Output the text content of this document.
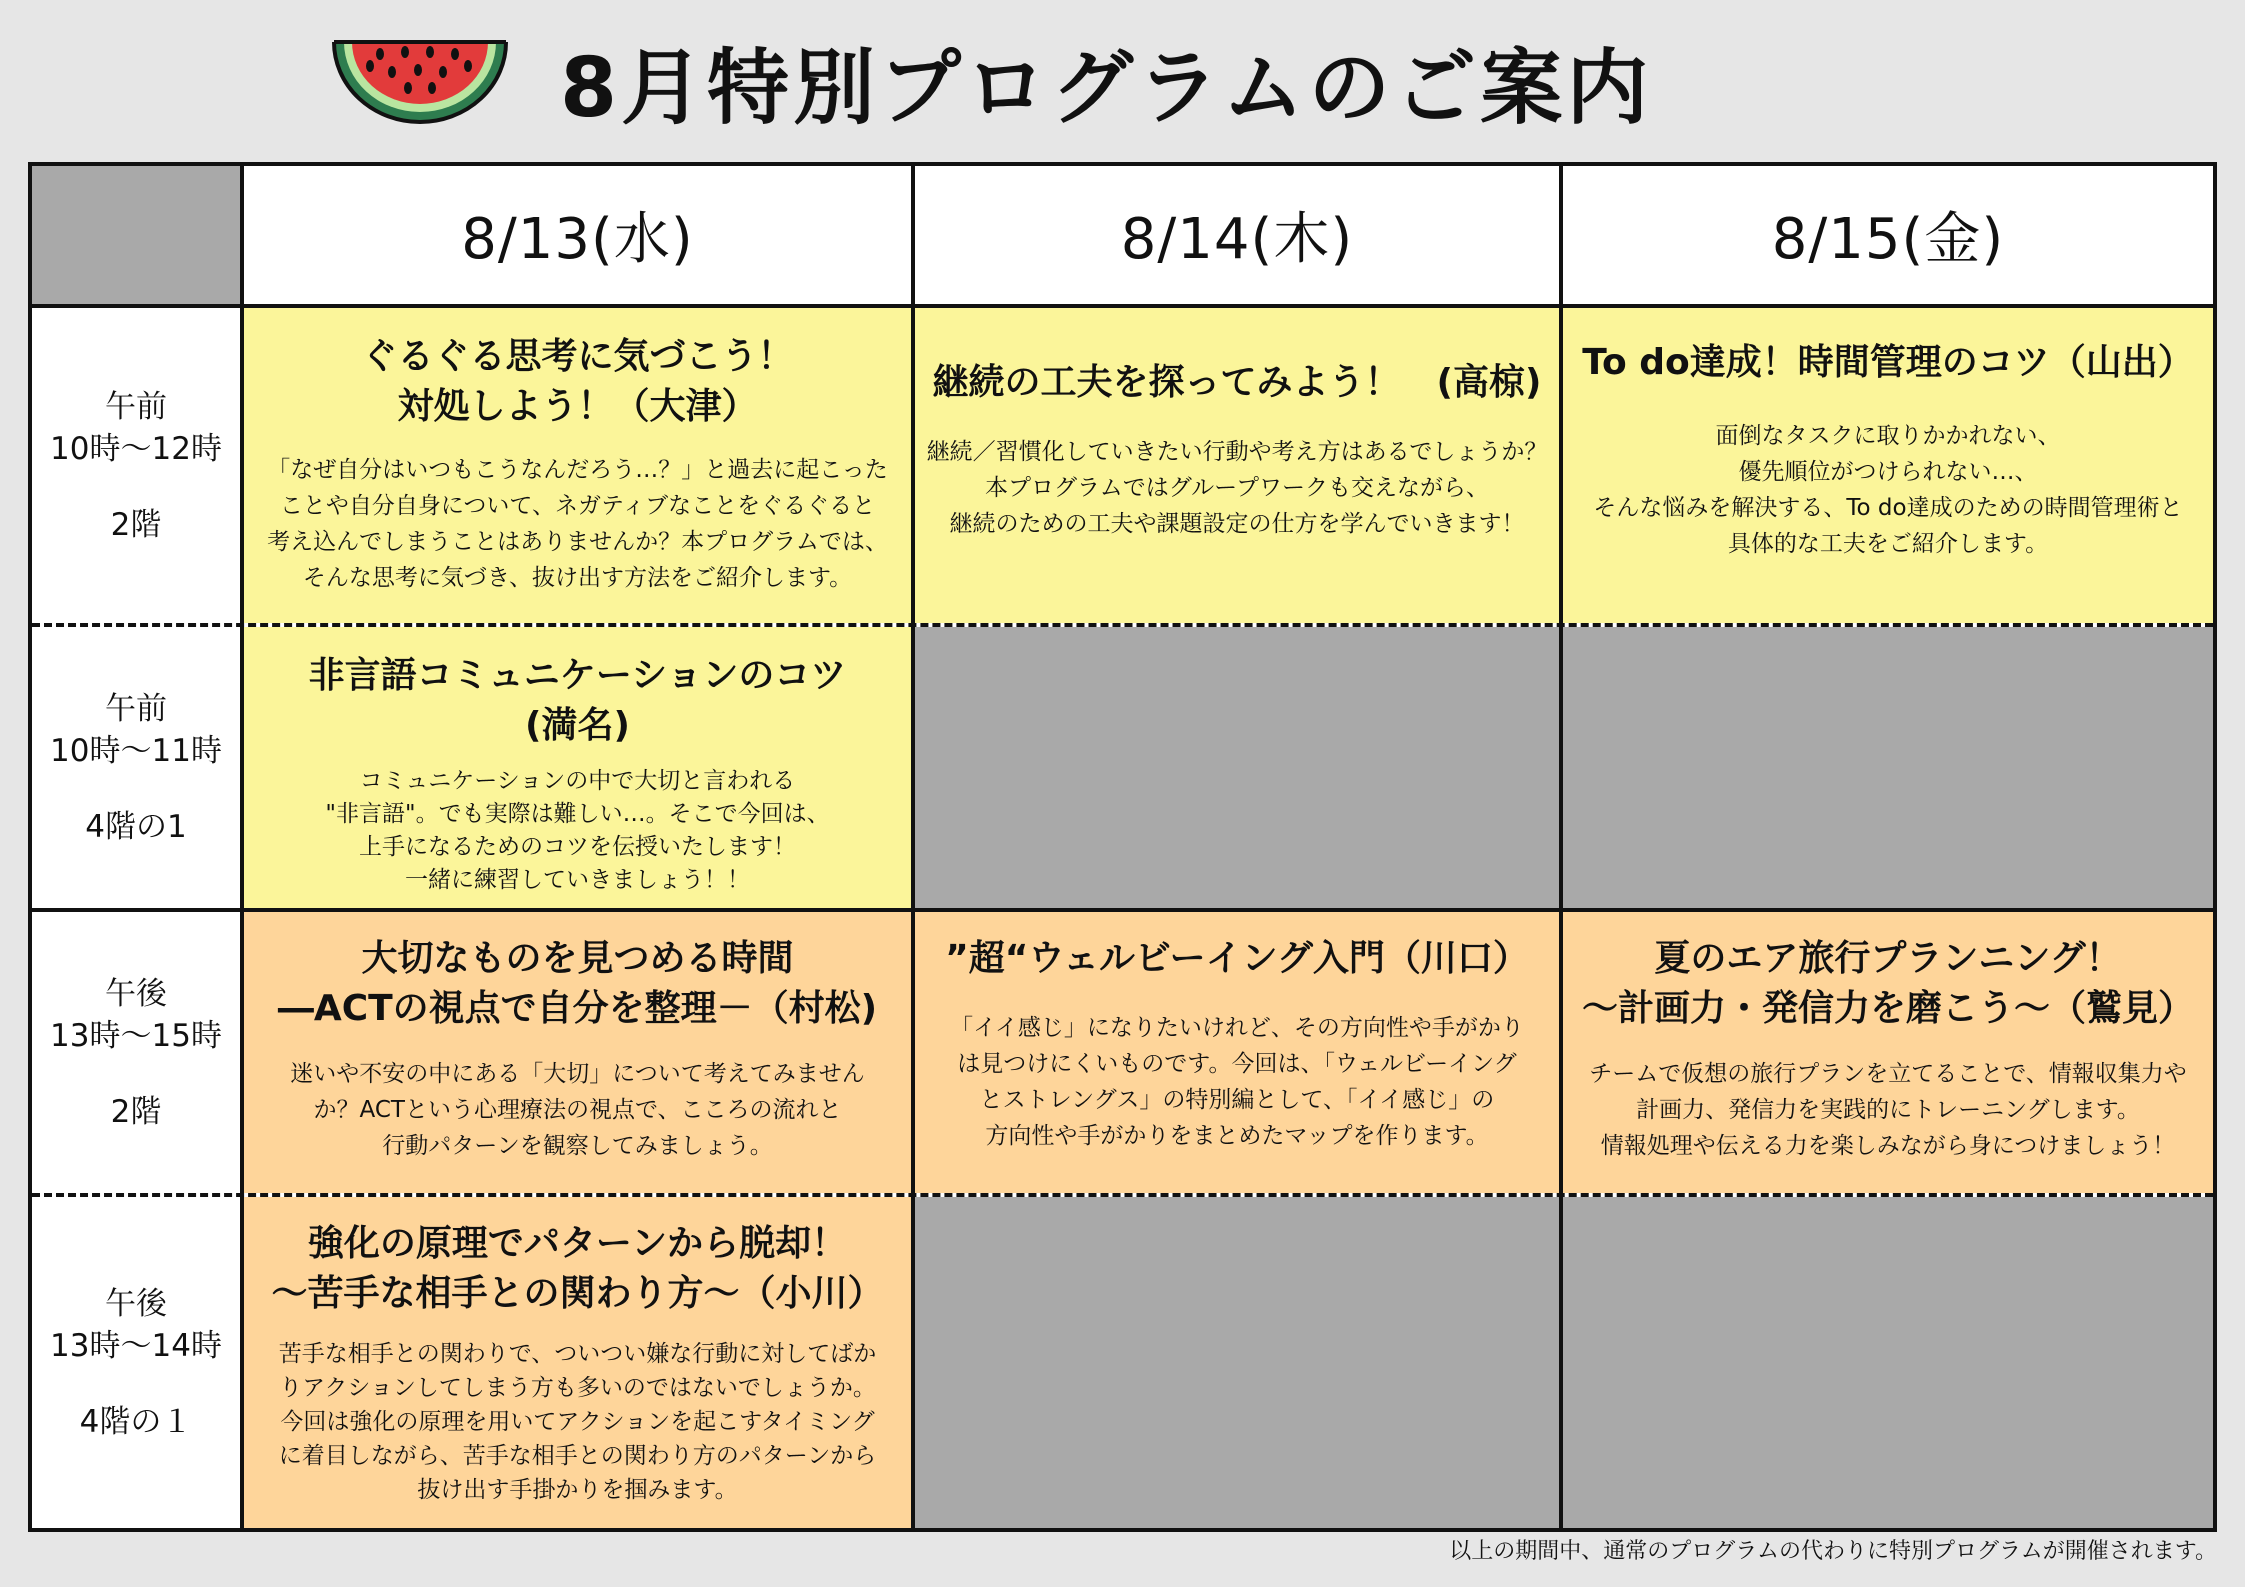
8月特別プログラムのご案内
8/13(水)	8/14(木)	8/15(金)
午前
10時〜12時
2階
午前
10時〜11時
4階の1
午後
13時〜15時
2階
午後
13時〜14時
4階の１
ぐるぐる思考に気づこう！
対処しよう！（大津）
「なぜ自分はいつもこうなんだろう…？」と過去に起こった
ことや自分自身について、ネガティブなことをぐるぐると
考え込んでしまうことはありませんか？本プログラムでは、
そんな思考に気づき、抜け出す方法をご紹介します。
継続の工夫を探ってみよう！　(高椋)
継続／習慣化していきたい行動や考え方はあるでしょうか？
本プログラムではグループワークも交えながら、
継続のための工夫や課題設定の仕方を学んでいきます！
To do達成！時間管理のコツ（山出）
面倒なタスクに取りかかれない、
優先順位がつけられない…、
そんな悩みを解決する、To do達成のための時間管理術と
具体的な工夫をご紹介します。
非言語コミュニケーションのコツ
(満名)
コミュニケーションの中で大切と言われる
"非言語"。でも実際は難しい…。そこで今回は、
上手になるためのコツを伝授いたします！
一緒に練習していきましょう！！
大切なものを見つめる時間
―ACTの視点で自分を整理－（村松)
迷いや不安の中にある「大切」について考えてみません
か？ACTという心理療法の視点で、こころの流れと
行動パターンを観察してみましょう。
”超“ウェルビーイング入門（川口）
「イイ感じ」になりたいけれど、その方向性や手がかり
は見つけにくいものです。今回は、「ウェルビーイング
とストレングス」の特別編として、「イイ感じ」の
方向性や手がかりをまとめたマップを作ります。
夏のエア旅行プランニング！
〜計画力・発信力を磨こう〜（鷲見）
チームで仮想の旅行プランを立てることで、情報収集力や
計画力、発信力を実践的にトレーニングします。
情報処理や伝える力を楽しみながら身につけましょう！
強化の原理でパターンから脱却！
〜苦手な相手との関わり方〜（小川）
苦手な相手との関わりで、ついつい嫌な行動に対してばか
りアクションしてしまう方も多いのではないでしょうか。
今回は強化の原理を用いてアクションを起こすタイミング
に着目しながら、苦手な相手との関わり方のパターンから
抜け出す手掛かりを掴みます。
以上の期間中、通常のプログラムの代わりに特別プログラムが開催されます。
